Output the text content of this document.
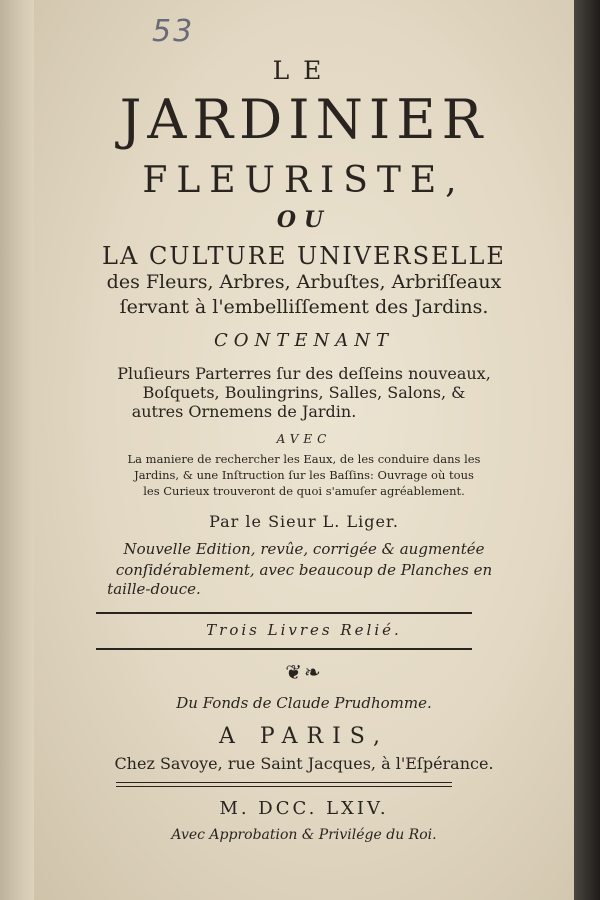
53
LE
JARDINIER
FLEURISTE,
OU
LA CULTURE UNIVERSELLE
des Fleurs, Arbres, Arbuſtes, Arbriſſeaux
ſervant à l'embelliſſement des Jardins.
CONTENANT
Pluſieurs Parterres ſur des deſſeins nouveaux,
Boſquets, Boulingrins, Salles, Salons, &
autres Ornemens de Jardin.
AVEC
La maniere de rechercher les Eaux, de les conduire dans les
Jardins, & une Inſtruction ſur les Baſſins: Ouvrage où tous
les Curieux trouveront de quoi s'amuſer agréablement.
Par le Sieur L. Liger.
Nouvelle Edition, revûe, corrigée & augmentée
conſidérablement, avec beaucoup de Planches en
taille-douce.
Trois Livres Relié.
❦❧
Du Fonds de Claude Prudhomme.
A PARIS,
Chez Savoye, rue Saint Jacques, à l'Eſpérance.
M. DCC. LXIV.
Avec Approbation & Privilége du Roi.
